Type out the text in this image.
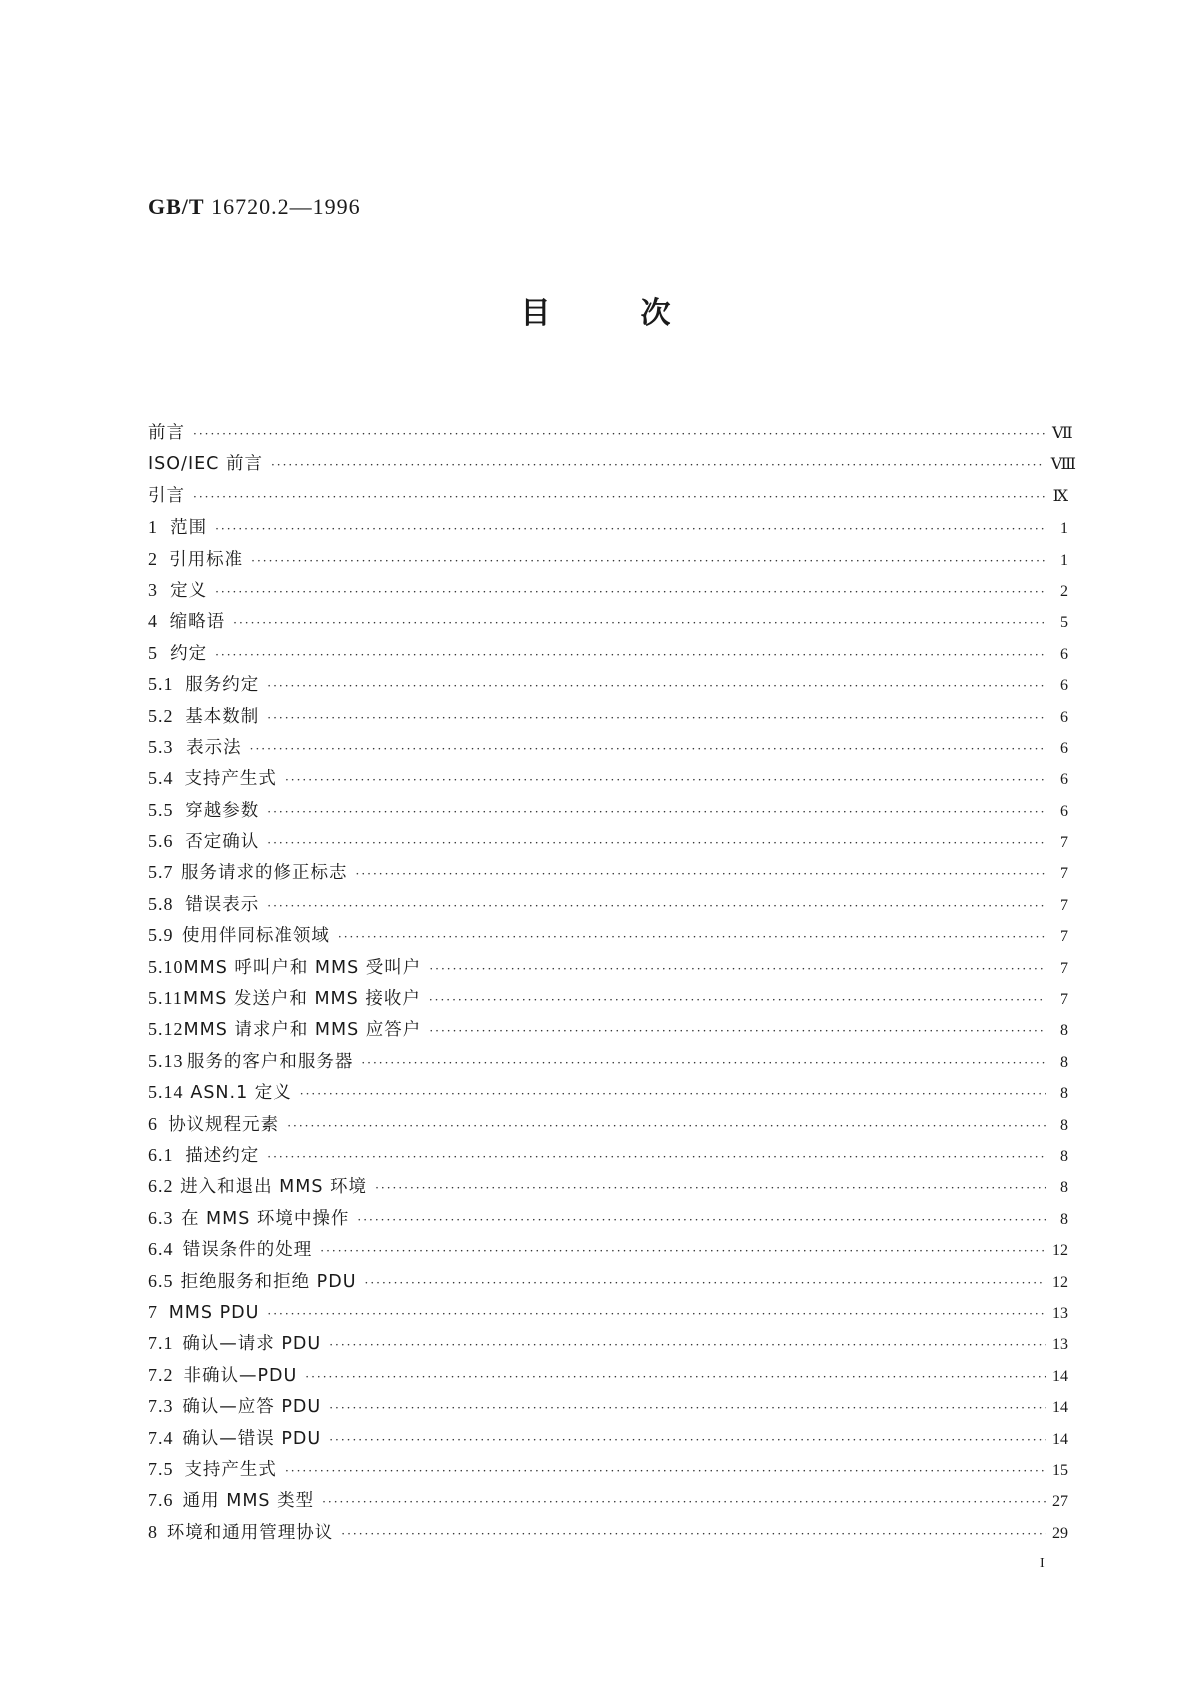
GB/T 16720.2—1996
目次
前言 ·····	Ⅶ
ISO/IEC 前言 ·····	Ⅷ
引言 ·····	Ⅸ
1 范围 ·····	1
2 引用标准 ·····	1
3 定义 ·····	2
4 缩略语 ·····	5
5 约定 ·····	6
5.1 服务约定 ·····	6
5.2 基本数制 ·····	6
5.3 表示法 ·····	6
5.4 支持产生式 ·····	6
5.5 穿越参数 ·····	6
5.6 否定确认 ·····	7
5.7 服务请求的修正标志 ·····	7
5.8 错误表示 ·····	7
5.9 使用伴同标准领域 ·····	7
5.10 MMS 呼叫户和 MMS 受叫户 ·····	7
5.11 MMS 发送户和 MMS 接收户 ·····	7
5.12 MMS 请求户和 MMS 应答户 ·····	8
5.13 服务的客户和服务器 ·····	8
5.14 ASN.1 定义 ·····	8
6 协议规程元素 ·····	8
6.1 描述约定 ·····	8
6.2 进入和退出 MMS 环境 ·····	8
6.3 在 MMS 环境中操作 ·····	8
6.4 错误条件的处理 ·····	12
6.5 拒绝服务和拒绝 PDU ·····	12
7 MMS PDU ·····	13
7.1 确认—请求 PDU ·····	13
7.2 非确认—PDU ·····	14
7.3 确认—应答 PDU ·····	14
7.4 确认—错误 PDU ·····	14
7.5 支持产生式 ·····	15
7.6 通用 MMS 类型 ·····	27
8 环境和通用管理协议 ·····	29
I
